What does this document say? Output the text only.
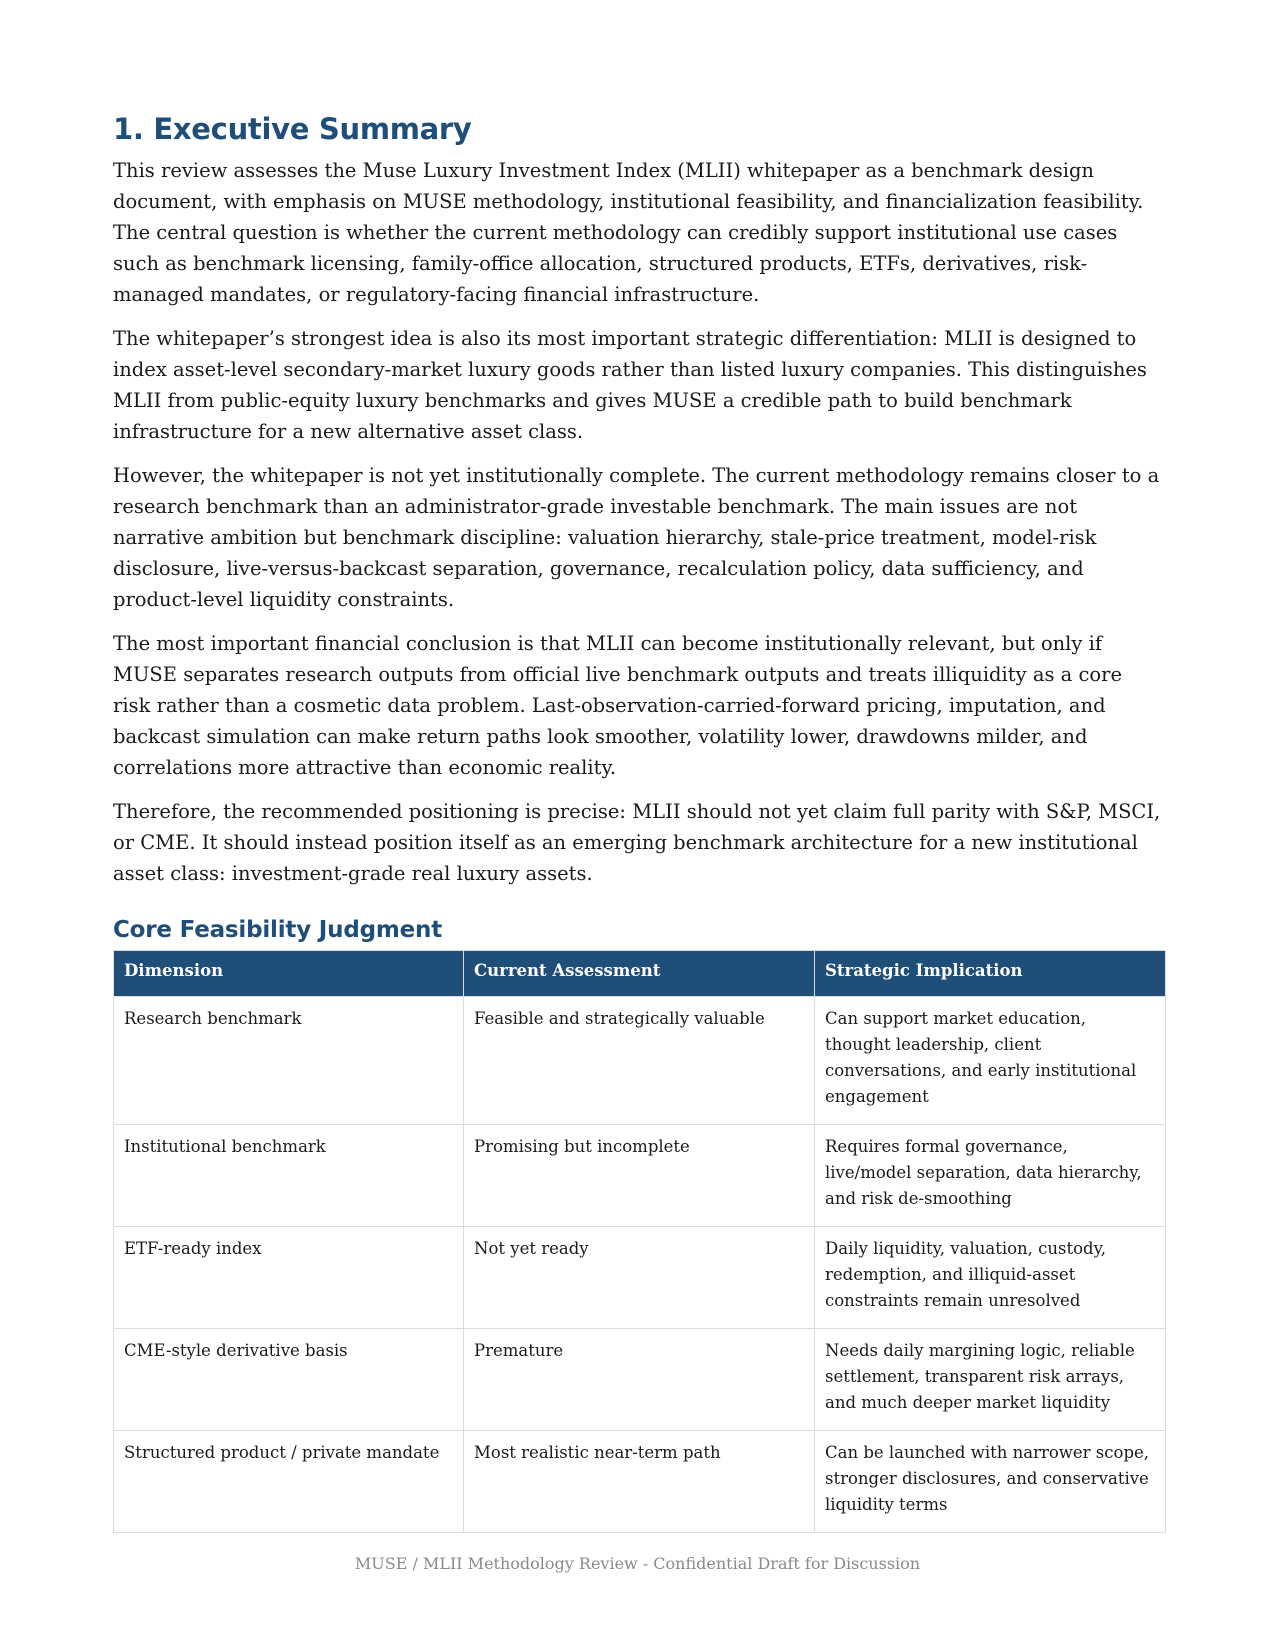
1. Executive Summary

This review assesses the Muse Luxury Investment Index (MLII) whitepaper as a benchmark design document, with emphasis on MUSE methodology, institutional feasibility, and financialization feasibility. The central question is whether the current methodology can credibly support institutional use cases such as benchmark licensing, family-office allocation, structured products, ETFs, derivatives, risk-managed mandates, or regulatory-facing financial infrastructure.

The whitepaper’s strongest idea is also its most important strategic differentiation: MLII is designed to index asset-level secondary-market luxury goods rather than listed luxury companies. This distinguishes MLII from public-equity luxury benchmarks and gives MUSE a credible path to build benchmark infrastructure for a new alternative asset class.

However, the whitepaper is not yet institutionally complete. The current methodology remains closer to a research benchmark than an administrator-grade investable benchmark. The main issues are not narrative ambition but benchmark discipline: valuation hierarchy, stale-price treatment, model-risk disclosure, live-versus-backcast separation, governance, recalculation policy, data sufficiency, and product-level liquidity constraints.

The most important financial conclusion is that MLII can become institutionally relevant, but only if MUSE separates research outputs from official live benchmark outputs and treats illiquidity as a core risk rather than a cosmetic data problem. Last-observation-carried-forward pricing, imputation, and backcast simulation can make return paths look smoother, volatility lower, drawdowns milder, and correlations more attractive than economic reality.

Therefore, the recommended positioning is precise: MLII should not yet claim full parity with S&P, MSCI, or CME. It should instead position itself as an emerging benchmark architecture for a new institutional asset class: investment-grade real luxury assets.

Core Feasibility Judgment
Dimension	Current Assessment	Strategic Implication
Research benchmark	Feasible and strategically valuable	Can support market education, thought leadership, client conversations, and early institutional engagement
Institutional benchmark	Promising but incomplete	Requires formal governance, live/model separation, data hierarchy, and risk de-smoothing
ETF-ready index	Not yet ready	Daily liquidity, valuation, custody, redemption, and illiquid-asset constraints remain unresolved
CME-style derivative basis	Premature	Needs daily margining logic, reliable settlement, transparent risk arrays, and much deeper market liquidity
Structured product / private mandate	Most realistic near-term path	Can be launched with narrower scope, stronger disclosures, and conservative liquidity terms
MUSE / MLII Methodology Review - Confidential Draft for Discussion
